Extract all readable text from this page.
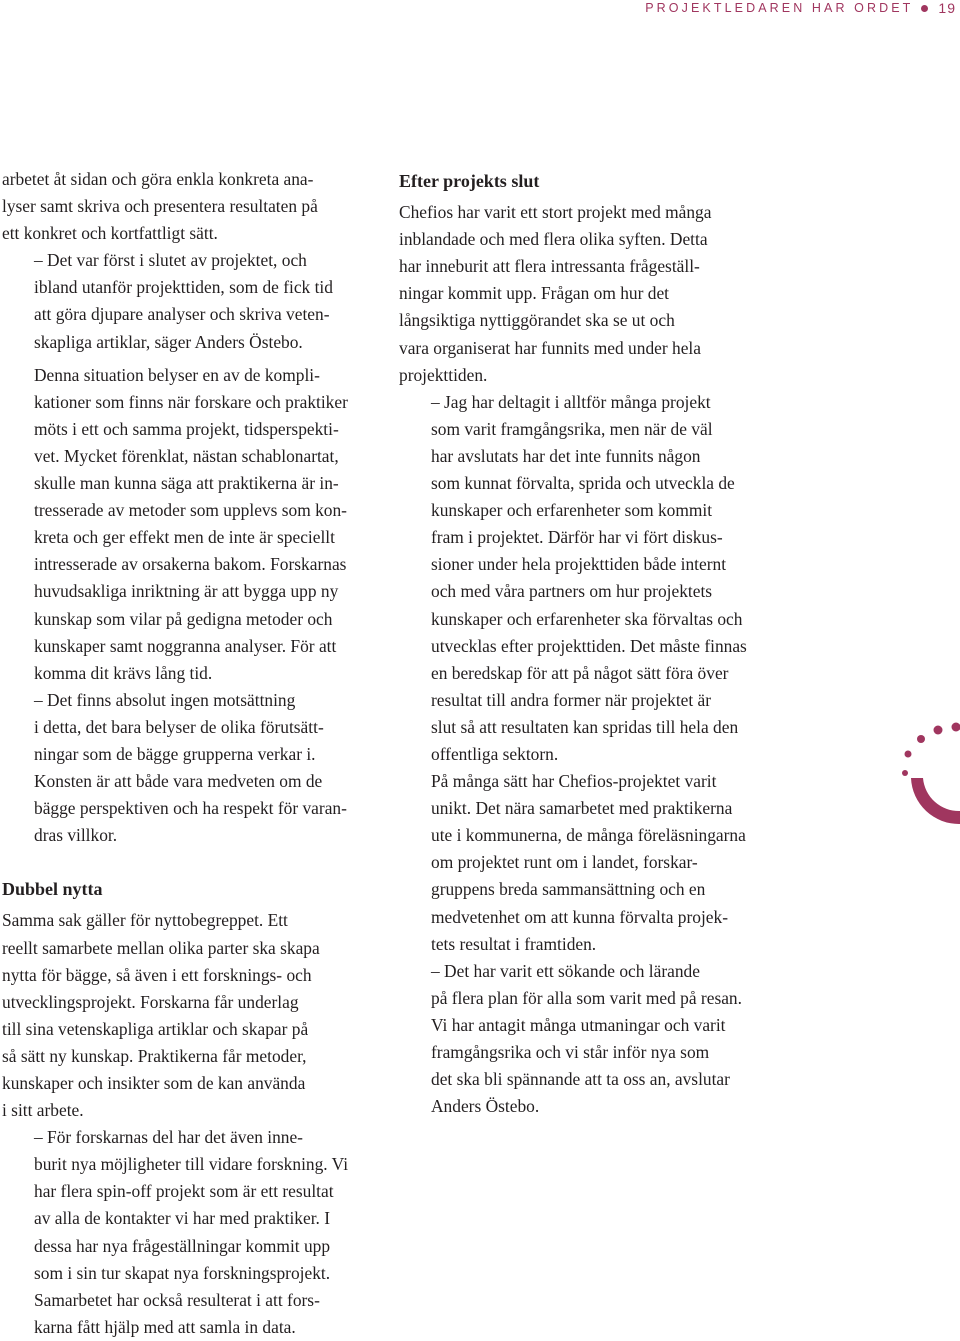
PROJEKTLEDAREN HAR ORDET 19

arbetet åt sidan och göra enkla konkreta ana-
lyser samt skriva och presentera resultaten på
ett konkret och kortfattligt sätt.

– Det var först i slutet av projektet, och
ibland utanför projekttiden, som de fick tid
att göra djupare analyser och skriva veten-
skapliga artiklar, säger Anders Östebo.

Denna situation belyser en av de kompli-
kationer som finns när forskare och praktiker
möts i ett och samma projekt, tidsperspekti-
vet. Mycket förenklat, nästan schablonartat,
skulle man kunna säga att praktikerna är in-
tresserade av metoder som upplevs som kon-
kreta och ger effekt men de inte är speciellt
intresserade av orsakerna bakom. Forskarnas
huvudsakliga inriktning är att bygga upp ny
kunskap som vilar på gedigna metoder och
kunskaper samt noggranna analyser. För att
komma dit krävs lång tid.

– Det finns absolut ingen motsättning
i detta, det bara belyser de olika förutsätt-
ningar som de bägge grupperna verkar i.
Konsten är att både vara medveten om de
bägge perspektiven och ha respekt för varan-
dras villkor.

Dubbel nytta

Samma sak gäller för nyttobegreppet. Ett
reellt samarbete mellan olika parter ska skapa
nytta för bägge, så även i ett forsknings- och
utvecklingsprojekt. Forskarna får underlag
till sina vetenskapliga artiklar och skapar på
så sätt ny kunskap. Praktikerna får metoder,
kunskaper och insikter som de kan använda
i sitt arbete.

– För forskarnas del har det även inne-
burit nya möjligheter till vidare forskning. Vi
har flera spin-off projekt som är ett resultat
av alla de kontakter vi har med praktiker. I
dessa har nya frågeställningar kommit upp
som i sin tur skapat nya forskningsprojekt.
Samarbetet har också resulterat i att fors-
karna fått hjälp med att samla in data.

Efter projekts slut

Chefios har varit ett stort projekt med många
inblandade och med flera olika syften. Detta
har inneburit att flera intressanta frågeställ-
ningar kommit upp. Frågan om hur det
långsiktiga nyttiggörandet ska se ut och
vara organiserat har funnits med under hela
projekttiden.

– Jag har deltagit i alltför många projekt
som varit framgångsrika, men när de väl
har avslutats har det inte funnits någon
som kunnat förvalta, sprida och utveckla de
kunskaper och erfarenheter som kommit
fram i projektet. Därför har vi fört diskus-
sioner under hela projekttiden både internt
och med våra partners om hur projektets
kunskaper och erfarenheter ska förvaltas och
utvecklas efter projekttiden. Det måste finnas
en beredskap för att på något sätt föra över
resultat till andra former när projektet är
slut så att resultaten kan spridas till hela den
offentliga sektorn.

På många sätt har Chefios-projektet varit
unikt. Det nära samarbetet med praktikerna
ute i kommunerna, de många föreläsningarna
om projektet runt om i landet, forskar-
gruppens breda sammansättning och en
medvetenhet om att kunna förvalta projek-
tets resultat i framtiden.

– Det har varit ett sökande och lärande
på flera plan för alla som varit med på resan.
Vi har antagit många utmaningar och varit
framgångsrika och vi står inför nya som
det ska bli spännande att ta oss an, avslutar
Anders Östebo.
